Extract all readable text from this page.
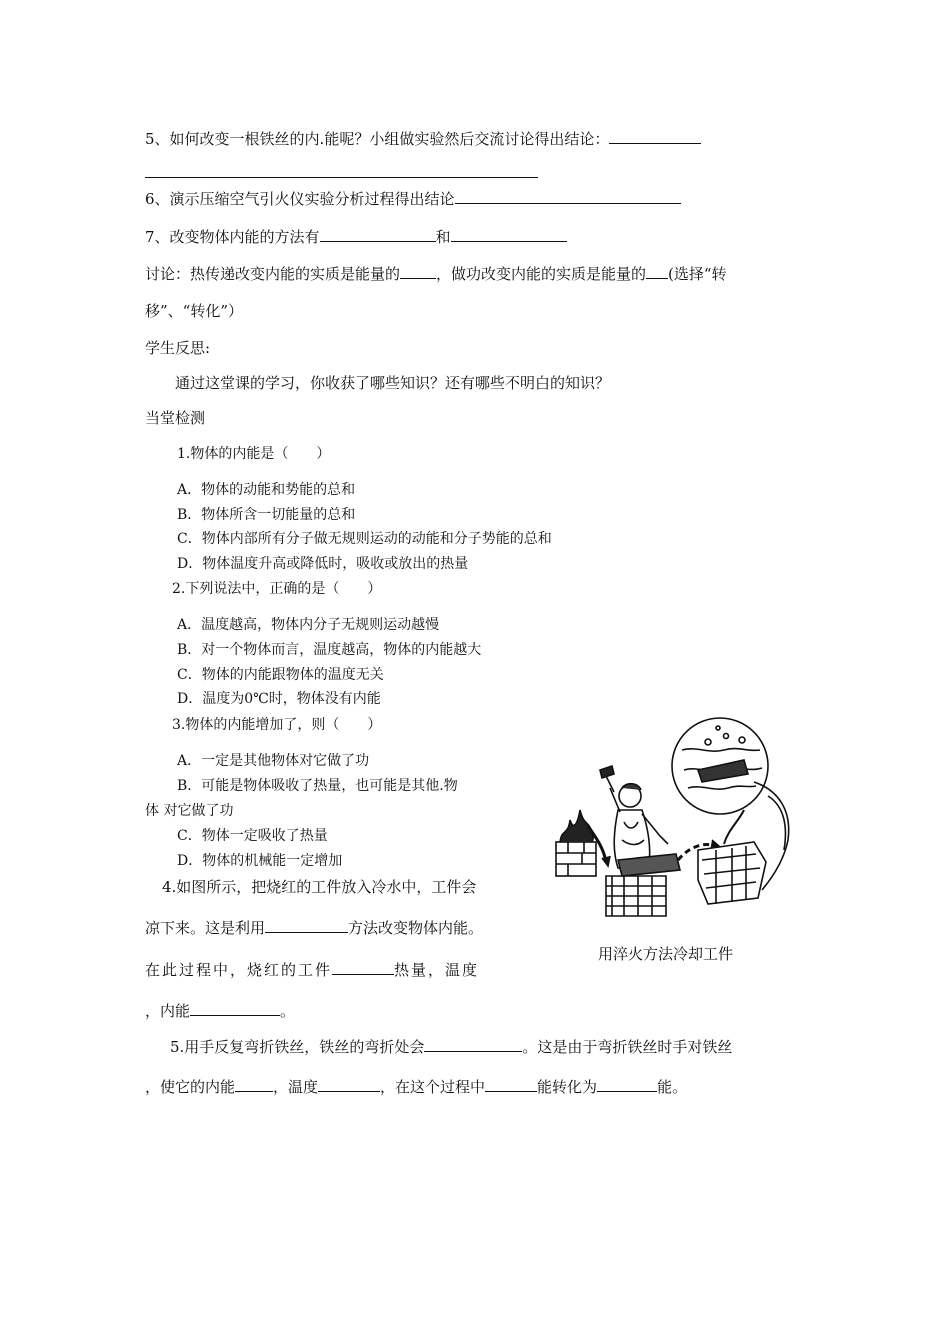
5、如何改变一根铁丝的内.能呢？小组做实验然后交流讨论得出结论：
6、演示压缩空气引火仪实验分析过程得出结论
7、改变物体内能的方法有	和
讨论：热传递改变内能的实质是能量的 ，做功改变内能的实质是能量的 (选择“转
移”、“转化”）
学生反思:
通过这堂课的学习，你收获了哪些知识？还有哪些不明白的知识？
当堂检测
1.物体的内能是（　　）
A．物体的动能和势能的总和
B．物体所含一切能量的总和
C．物体内部所有分子做无规则运动的动能和分子势能的总和
D．物体温度升高或降低时，吸收或放出的热量
2.下列说法中，正确的是（　　）
A．温度越高，物体内分子无规则运动越慢
B．对一个物体而言，温度越高，物体的内能越大
C．物体的内能跟物体的温度无关
D．温度为0℃时，物体没有内能
3.物体的内能增加了，则（　　）
A．一定是其他物体对它做了功
B．可能是物体吸收了热量，也可能是其他.物
体 对它做了功
C．物体一定吸收了热量
D．物体的机械能一定增加
4.如图所示，把烧红的工件放入冷水中，工件会
凉下来。这是利用	方法改变物体内能。
在此过程中，烧红的工件	热量，温度
，内能	。
用淬火方法冷却工件
5.用手反复弯折铁丝，铁丝的弯折处会	。这是由于弯折铁丝时手对铁丝
，使它的内能	，温度	，在这个过程中	能转化为	能。
